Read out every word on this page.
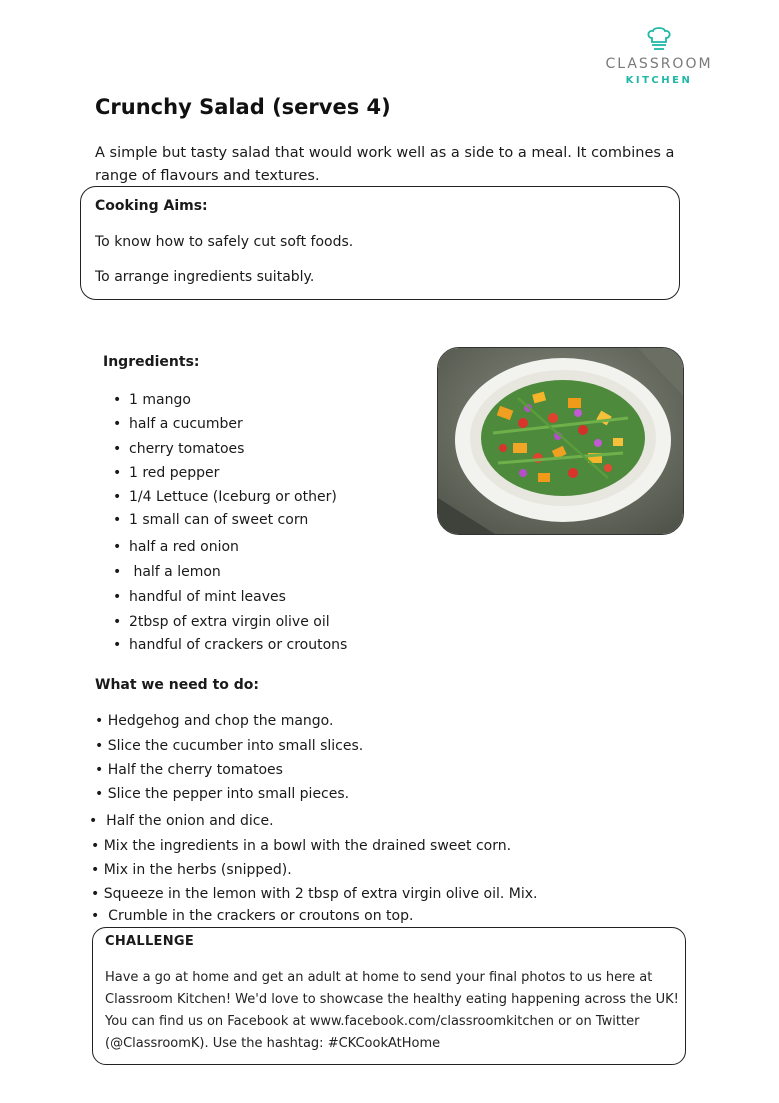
CLASSROOM
KITCHEN
Crunchy Salad (serves 4)

A simple but tasty salad that would work well as a side to a meal. It combines a range of flavours and textures.

Cooking Aims:
To know how to safely cut soft foods.
To arrange ingredients suitably.
Ingredients:
• 1 mango
• half a cucumber
• cherry tomatoes
• 1 red pepper
• 1/4 Lettuce (Iceburg or other)
• 1 small can of sweet corn
• half a red onion
• half a lemon
• handful of mint leaves
• 2tbsp of extra virgin olive oil
• handful of crackers or croutons
What we need to do:
• Hedgehog and chop the mango.
• Slice the cucumber into small slices.
• Half the cherry tomatoes
• Slice the pepper into small pieces.
•  Half the onion and dice.
• Mix the ingredients in a bowl with the drained sweet corn.
• Mix in the herbs (snipped).
• Squeeze in the lemon with 2 tbsp of extra virgin olive oil. Mix.
•  Crumble in the crackers or croutons on top.
CHALLENGE
Have a go at home and get an adult at home to send your final photos to us here at
Classroom Kitchen! We'd love to showcase the healthy eating happening across the UK!
You can find us on Facebook at www.facebook.com/classroomkitchen or on Twitter
(@ClassroomK). Use the hashtag: #CKCookAtHome
